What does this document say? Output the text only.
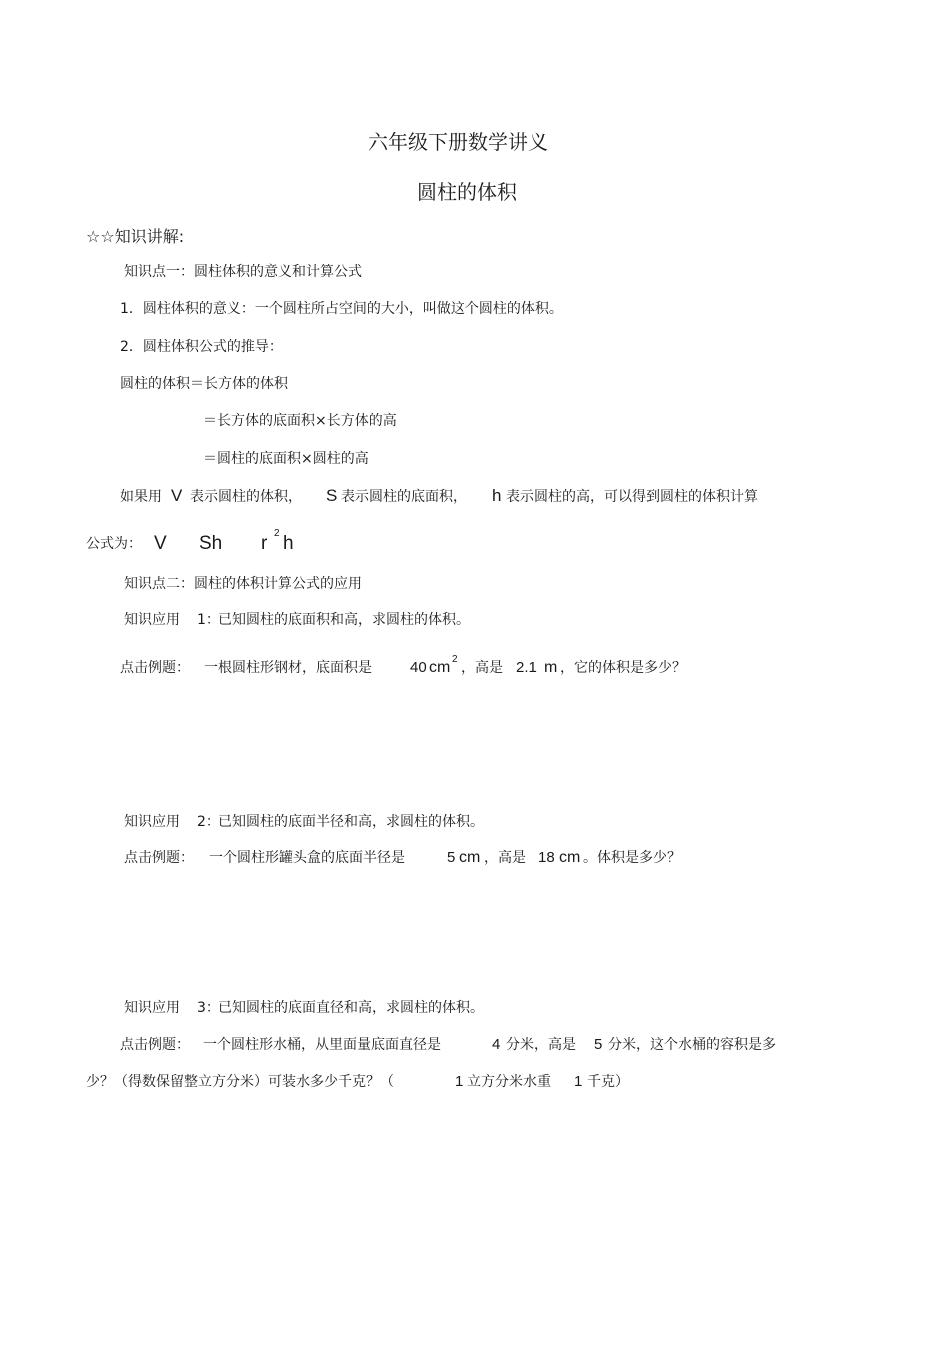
六年级下册数学讲义
圆柱的体积
☆☆知识讲解:
知识点一：圆柱体积的意义和计算公式
1．圆柱体积的意义：一个圆柱所占空间的大小，叫做这个圆柱的体积。
2．圆柱体积公式的推导：
圆柱的体积＝长方体的体积
＝长方体的底面积×长方体的高
＝圆柱的底面积×圆柱的高
如果用 V 表示圆柱的体积， S 表示圆柱的底面积， h 表示圆柱的高，可以得到圆柱的体积计算
公式为： V Sh r 2 h
知识点二：圆柱的体积计算公式的应用
知识应用 1：
已知圆柱的底面积和高，求圆柱的体积。
点击例题： 一根圆柱形钢材，底面积是	40 cm 2
，高是 2.1 m ，它的体积是多少？
知识应用 2：
已知圆柱的底面半径和高，求圆柱的体积。
点击例题： 一个圆柱形罐头盒的底面半径是	5 cm ，高是 18 cm 。体积是多少？
知识应用 3：
已知圆柱的底面直径和高，求圆柱的体积。
点击例题： 一个圆柱形水桶，从里面量底面直径是	4 分米，高是 5 分米，这个水桶的容积是多
少？（得数保留整立方分米）可装水多少千克？（	1 立方分米水重 1 千克）
